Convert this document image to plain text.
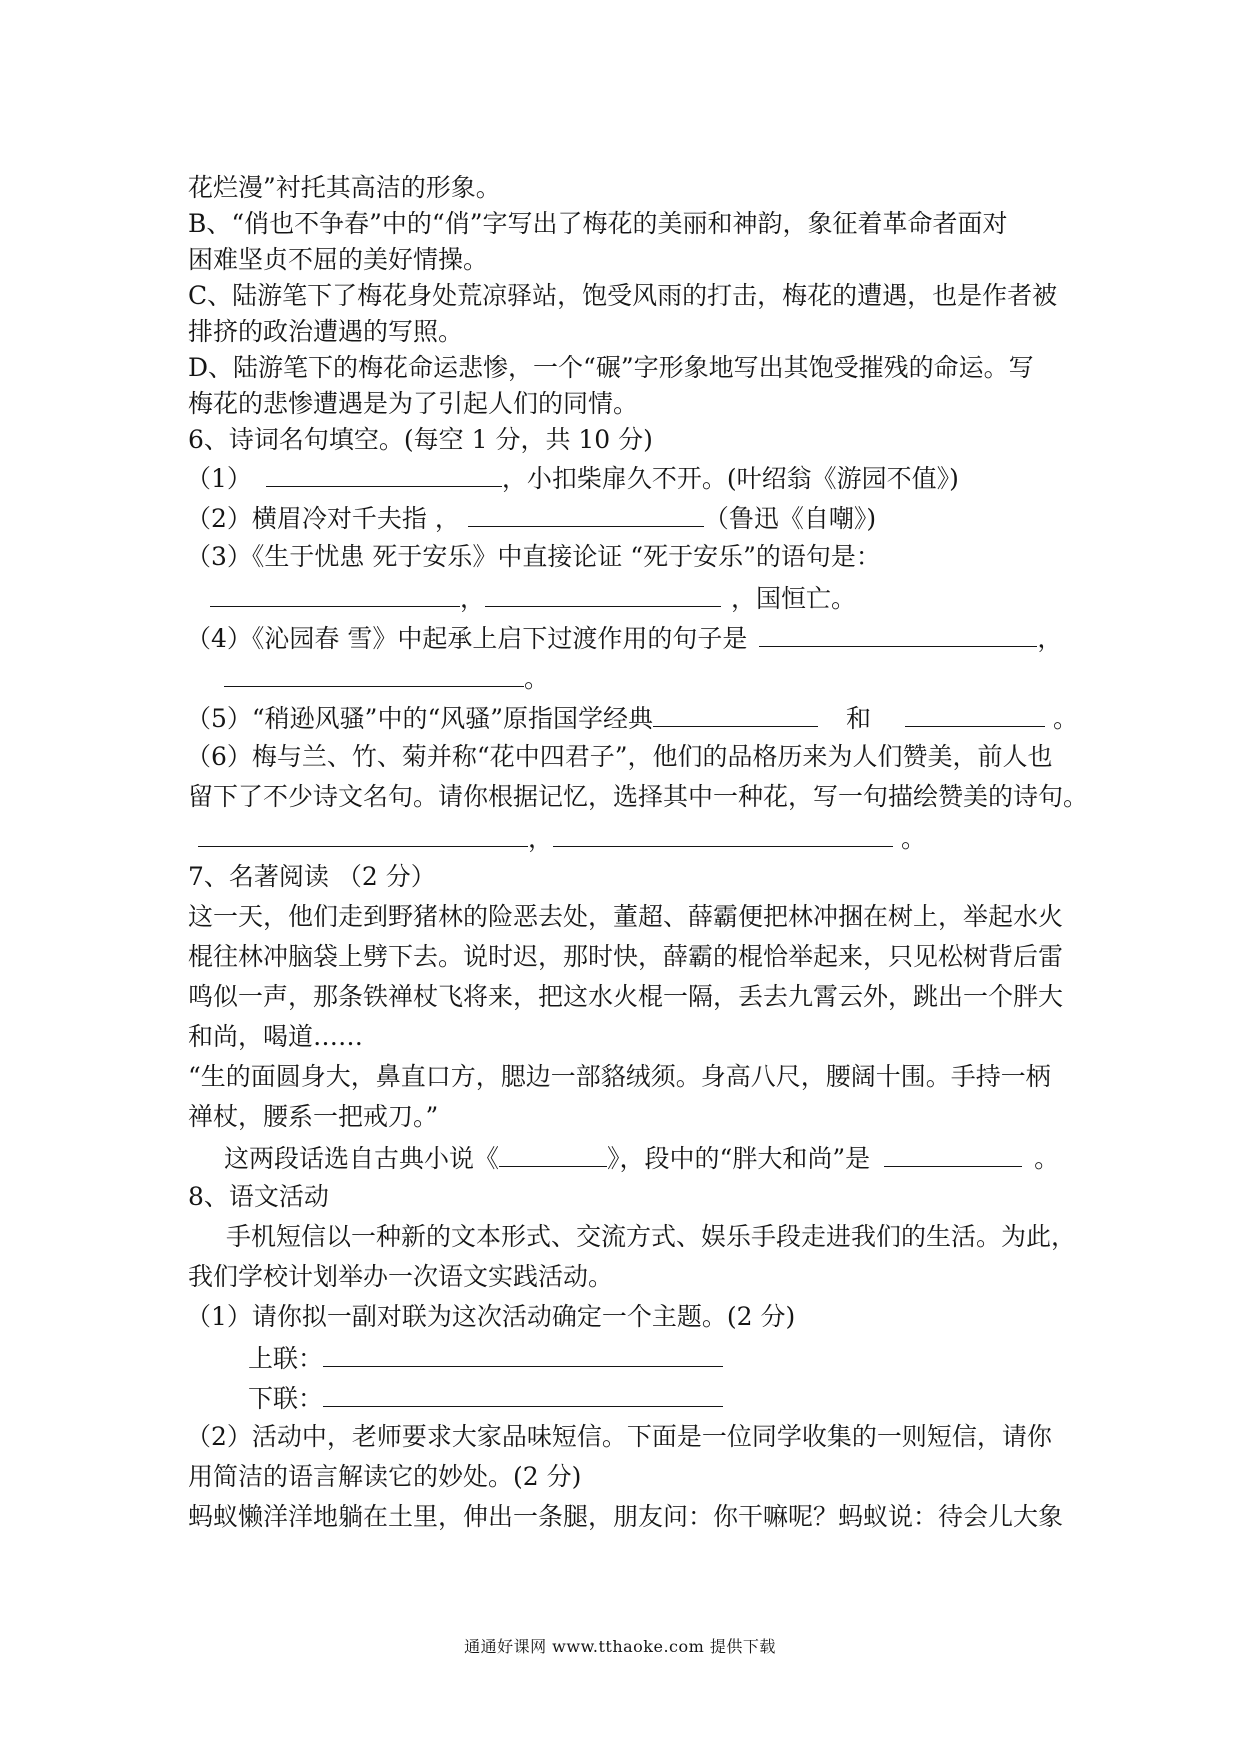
花烂漫”衬托其高洁的形象。
B、“俏也不争春”中的“俏”字写出了梅花的美丽和神韵，象征着革命者面对
困难坚贞不屈的美好情操。
C、陆游笔下了梅花身处荒凉驿站，饱受风雨的打击，梅花的遭遇，也是作者被
排挤的政治遭遇的写照。
D、陆游笔下的梅花命运悲惨，一个“碾”字形象地写出其饱受摧残的命运。写
梅花的悲惨遭遇是为了引起人们的同情。
6、诗词名句填空。(每空 1 分，共 10 分)
（1）	，小扣柴扉久不开。(叶绍翁《游园不值》)
（2）横眉冷对千夫指 ，	（鲁迅《自嘲》)
（3）《生于忧患 死于安乐》中直接论证 “死于安乐”的语句是：
，	，国恒亡。
（4）《沁园春 雪》中起承上启下过渡作用的句子是	，
。
（5）“稍逊风骚”中的“风骚”原指国学经典	和	。
（6）梅与兰、竹、菊并称“花中四君子”，他们的品格历来为人们赞美，前人也
留下了不少诗文名句。请你根据记忆，选择其中一种花，写一句描绘赞美的诗句。
，	。
7、名著阅读 （2 分）
这一天，他们走到野猪林的险恶去处，董超、薛霸便把林冲捆在树上，举起水火
棍往林冲脑袋上劈下去。说时迟，那时快，薛霸的棍恰举起来，只见松树背后雷
鸣似一声，那条铁禅杖飞将来，把这水火棍一隔，丢去九霄云外，跳出一个胖大
和尚，喝道……
“生的面圆身大，鼻直口方，腮边一部貉绒须。身高八尺，腰阔十围。手持一柄
禅杖，腰系一把戒刀。”
这两段话选自古典小说《	》，段中的“胖大和尚”是	。
8、语文活动
手机短信以一种新的文本形式、交流方式、娱乐手段走进我们的生活。为此，
我们学校计划举办一次语文实践活动。
（1）请你拟一副对联为这次活动确定一个主题。(2 分)
上联：
下联：
（2）活动中，老师要求大家品味短信。下面是一位同学收集的一则短信，请你
用简洁的语言解读它的妙处。(2 分)
蚂蚁懒洋洋地躺在土里，伸出一条腿，朋友问：你干嘛呢？蚂蚁说：待会儿大象
通通好课网 www.tthaoke.com 提供下载
